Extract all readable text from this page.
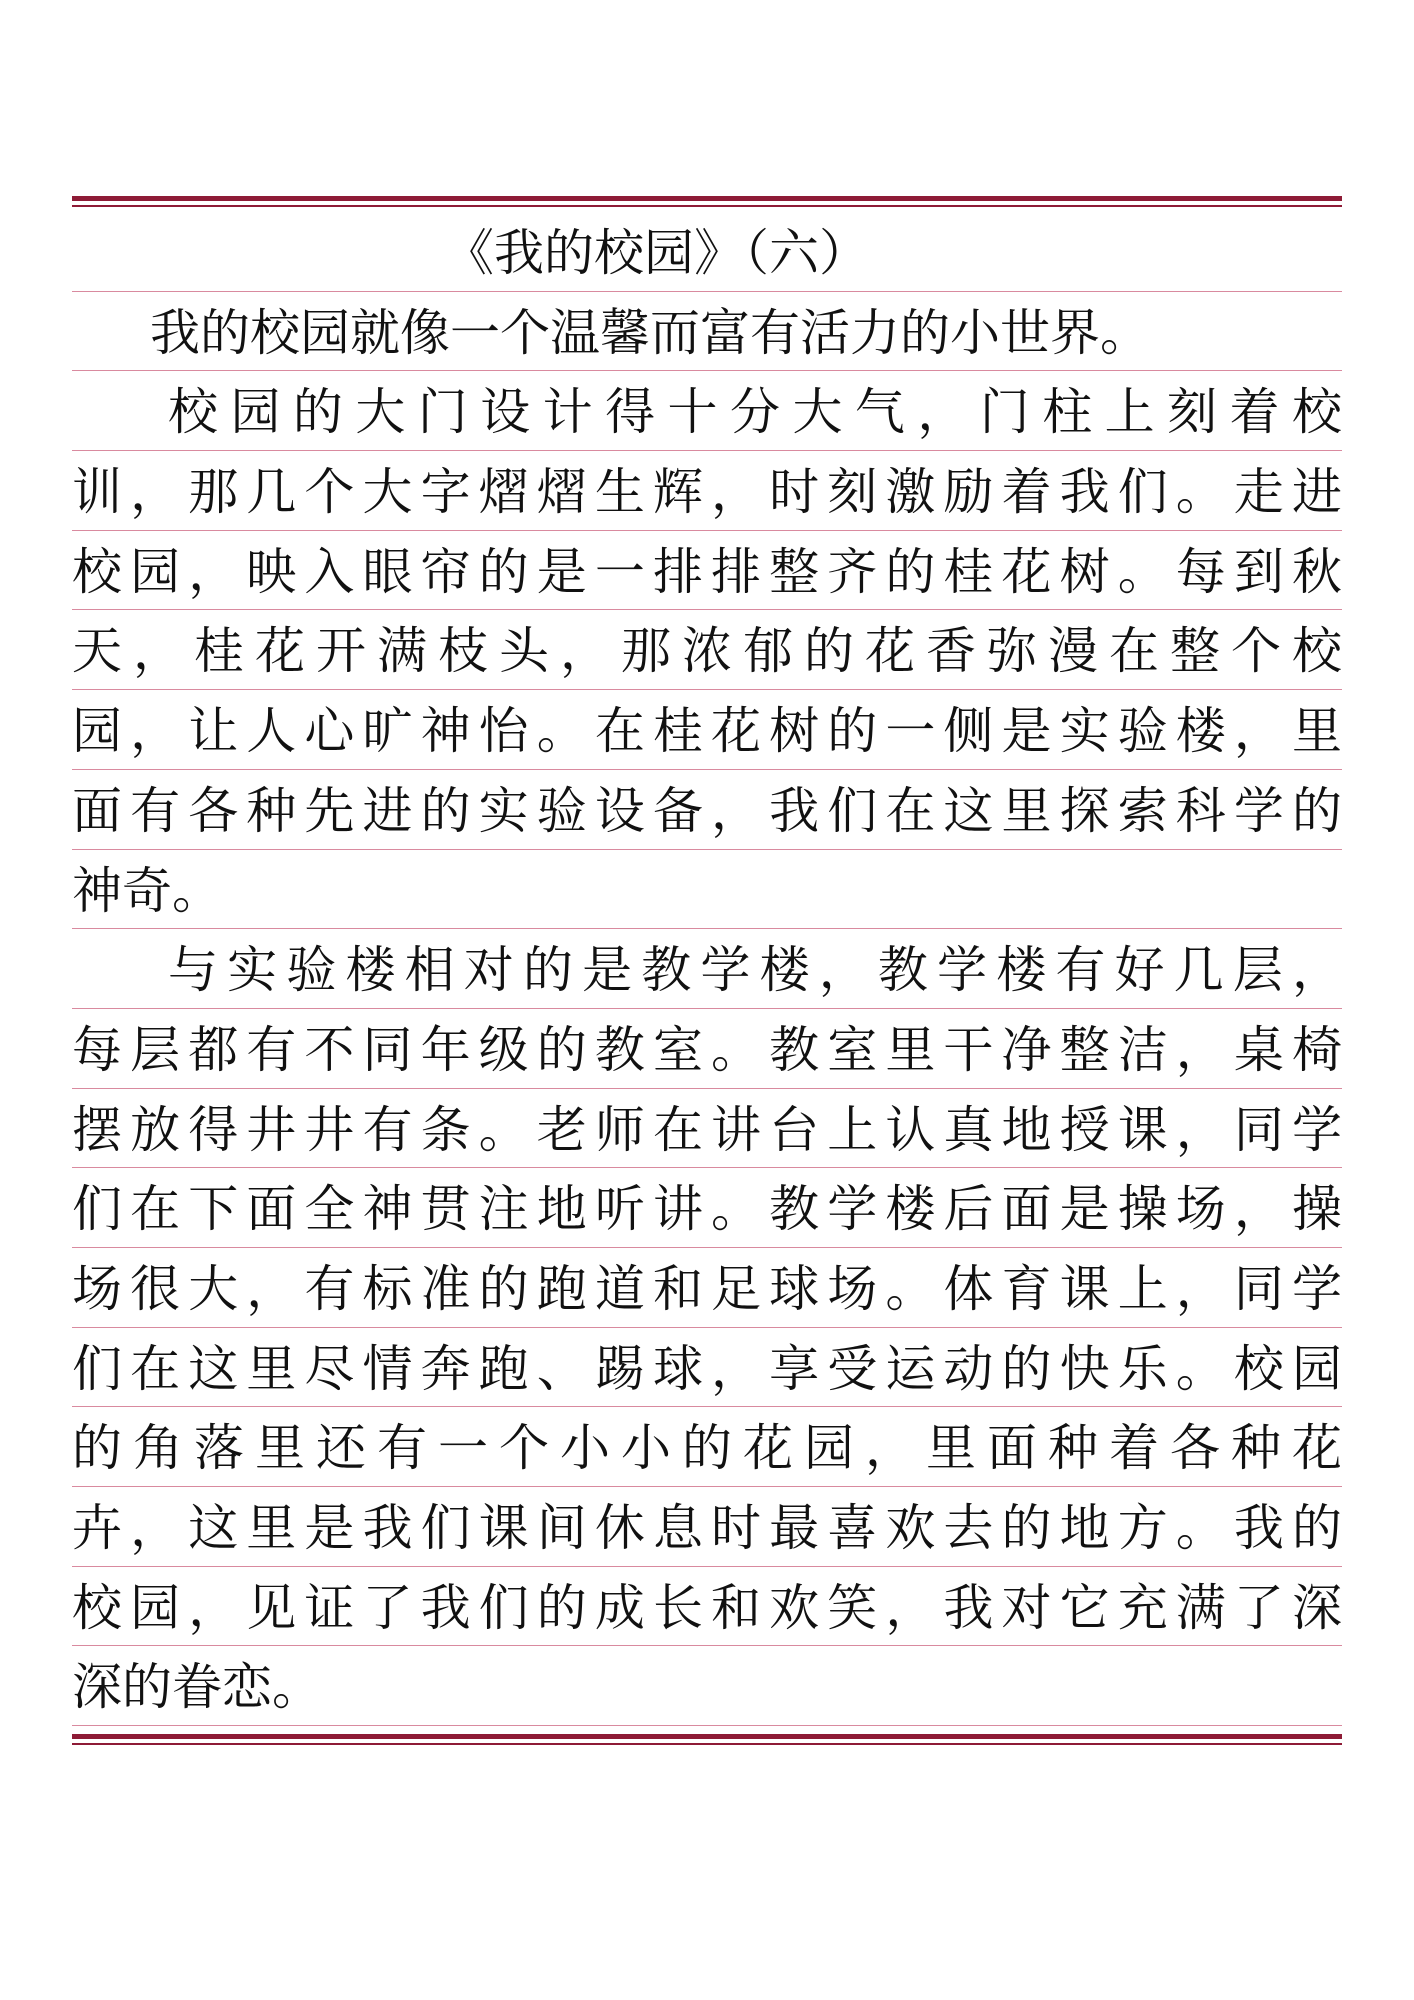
《我的校园》（六）
我的校园就像一个温馨而富有活力的小世界。
校园的大门设计得十分大气，门柱上刻着校
训，那几个大字熠熠生辉，时刻激励着我们。走进
校园，映入眼帘的是一排排整齐的桂花树。每到秋
天，桂花开满枝头，那浓郁的花香弥漫在整个校
园，让人心旷神怡。在桂花树的一侧是实验楼，里
面有各种先进的实验设备，我们在这里探索科学的
神奇。
与实验楼相对的是教学楼，教学楼有好几层，
每层都有不同年级的教室。教室里干净整洁，桌椅
摆放得井井有条。老师在讲台上认真地授课，同学
们在下面全神贯注地听讲。教学楼后面是操场，操
场很大，有标准的跑道和足球场。体育课上，同学
们在这里尽情奔跑、踢球，享受运动的快乐。校园
的角落里还有一个小小的花园，里面种着各种花
卉，这里是我们课间休息时最喜欢去的地方。我的
校园，见证了我们的成长和欢笑，我对它充满了深
深的眷恋。
